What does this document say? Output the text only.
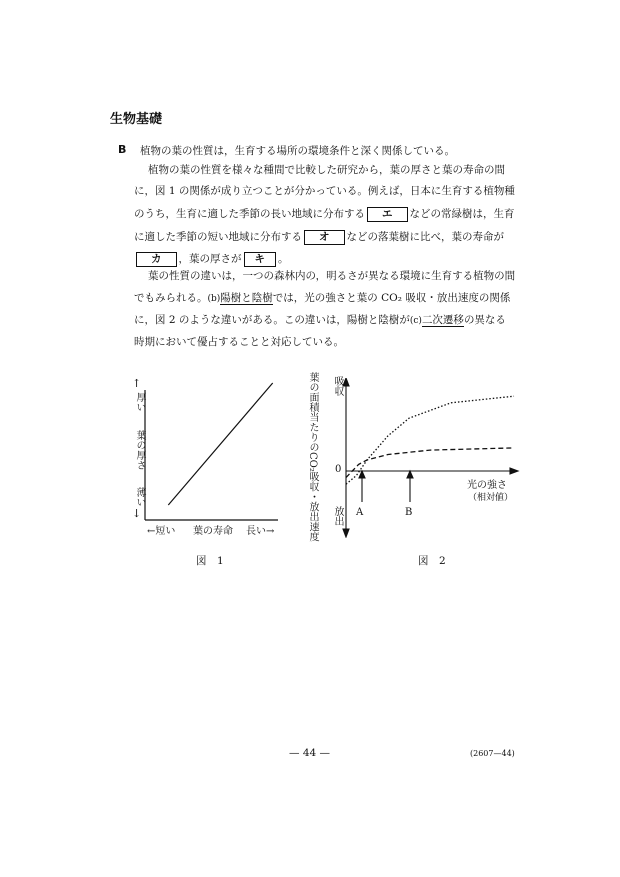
生物基礎
B 植物の葉の性質は，生育する場所の環境条件と深く関係している。
植物の葉の性質を様々な種間で比較した研究から，葉の厚さと葉の寿命の間
に，図 1 の関係が成り立つことが分かっている。例えば，日本に生育する植物種
のうち，生育に適した季節の長い地域に分布する エ などの常緑樹は，生育
に適した季節の短い地域に分布する オ などの落葉樹に比べ，葉の寿命が
カ ，葉の厚さが キ 。
葉の性質の違いは，一つの森林内の，明るさが異なる環境に生育する植物の間
でもみられる。(b)陽樹と陰樹では，光の強さと葉の CO₂ 吸収・放出速度の関係
に，図 2 のような違いがある。この違いは，陽樹と陰樹が(c)二次遷移の異なる
時期において優占することと対応している。
↑
厚い
葉の厚さ
薄い
↓
←短い 葉の寿命 長い→
図　1
葉の面積当たりのCO₂吸収・放出速度 吸収
放出
0
光の強さ
（相対値）
A	B
図　2
— 44 —	(2607—44)
